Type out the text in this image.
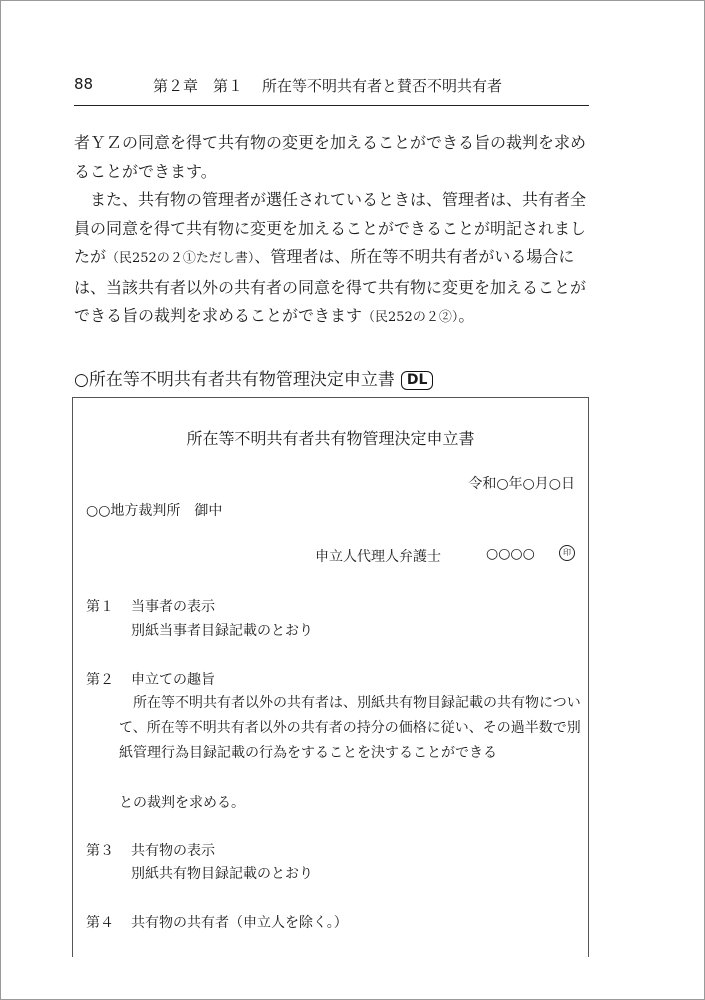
88	第２章　第１ 所在等不明共有者と賛否不明共有者

者ＹＺの同意を得て共有物の変更を加えることができる旨の裁判を求めることができます。

また、共有物の管理者が選任されているときは、管理者は、共有者全員の同意を得て共有物に変更を加えることができることが明記されましたが（民252の２①ただし書）、管理者は、所在等不明共有者がいる場合には、当該共有者以外の共有者の同意を得て共有物に変更を加えることができる旨の裁判を求めることができます（民252の２②）。

○所在等不明共有者共有物管理決定申立書 DL
所在等不明共有者共有物管理決定申立書
令和○年○月○日
○○地方裁判所　御中
申立人代理人弁護士	○○○○	印
第１ 当事者の表示
別紙当事者目録記載のとおり
第２ 申立ての趣旨
所在等不明共有者以外の共有者は、別紙共有物目録記載の共有物について、所在等不明共有者以外の共有者の持分の価格に従い、その過半数で別紙管理行為目録記載の行為をすることを決することができる
との裁判を求める。
第３ 共有物の表示
別紙共有物目録記載のとおり
第４ 共有物の共有者（申立人を除く。）
